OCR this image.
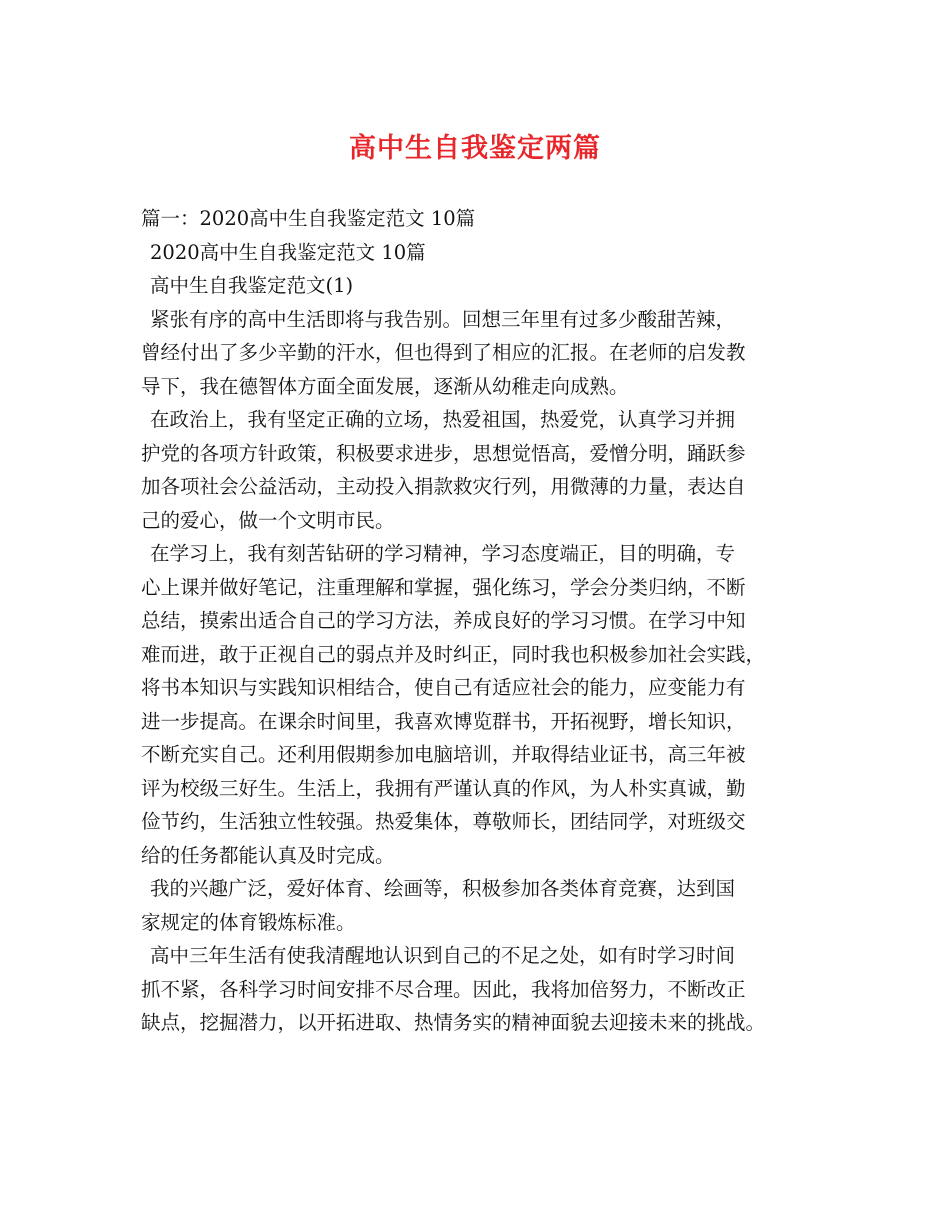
高中生自我鉴定两篇
篇一：2020高中生自我鉴定范文 10篇
2020高中生自我鉴定范文 10篇
高中生自我鉴定范文(1)
紧张有序的高中生活即将与我告别。回想三年里有过多少酸甜苦辣，
曾经付出了多少辛勤的汗水，但也得到了相应的汇报。在老师的启发教
导下，我在德智体方面全面发展，逐渐从幼稚走向成熟。
在政治上，我有坚定正确的立场，热爱祖国，热爱党，认真学习并拥
护党的各项方针政策，积极要求进步，思想觉悟高，爱憎分明，踊跃参
加各项社会公益活动，主动投入捐款救灾行列，用微薄的力量，表达自
己的爱心，做一个文明市民。
在学习上，我有刻苦钻研的学习精神，学习态度端正，目的明确，专
心上课并做好笔记，注重理解和掌握，强化练习，学会分类归纳，不断
总结，摸索出适合自己的学习方法，养成良好的学习习惯。在学习中知
难而进，敢于正视自己的弱点并及时纠正，同时我也积极参加社会实践，
将书本知识与实践知识相结合，使自己有适应社会的能力，应变能力有
进一步提高。在课余时间里，我喜欢博览群书，开拓视野，增长知识，
不断充实自己。还利用假期参加电脑培训，并取得结业证书，高三年被
评为校级三好生。生活上，我拥有严谨认真的作风，为人朴实真诚，勤
俭节约，生活独立性较强。热爱集体，尊敬师长，团结同学，对班级交
给的任务都能认真及时完成。
我的兴趣广泛，爱好体育、绘画等，积极参加各类体育竞赛，达到国
家规定的体育锻炼标准。
高中三年生活有使我清醒地认识到自己的不足之处，如有时学习时间
抓不紧，各科学习时间安排不尽合理。因此，我将加倍努力，不断改正
缺点，挖掘潜力，以开拓进取、热情务实的精神面貌去迎接未来的挑战。
